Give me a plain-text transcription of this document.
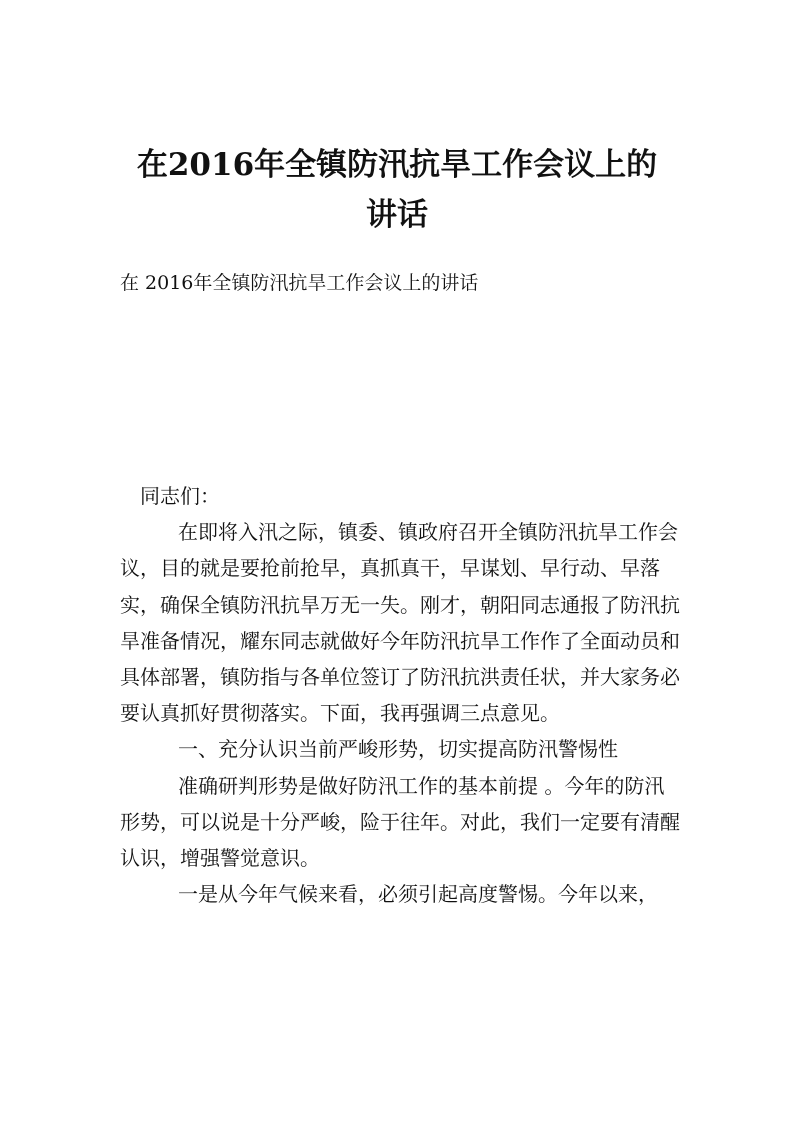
在2016年全镇防汛抗旱工作会议上的
讲话

在 2016年全镇防汛抗旱工作会议上的讲话

同志们：

在即将入汛之际，镇委、镇政府召开全镇防汛抗旱工作会议，目的就是要抢前抢早，真抓真干，早谋划、早行动、早落实，确保全镇防汛抗旱万无一失。刚才，朝阳同志通报了防汛抗旱准备情况，耀东同志就做好今年防汛抗旱工作作了全面动员和具体部署，镇防指与各单位签订了防汛抗洪责任状，并大家务必要认真抓好贯彻落实。下面，我再强调三点意见。

一、充分认识当前严峻形势，切实提高防汛警惕性

准确研判形势是做好防汛工作的基本前提 。今年的防汛形势，可以说是十分严峻，险于往年。对此，我们一定要有清醒认识，增强警觉意识。

一是从今年气候来看，必须引起高度警惕。今年以来，
